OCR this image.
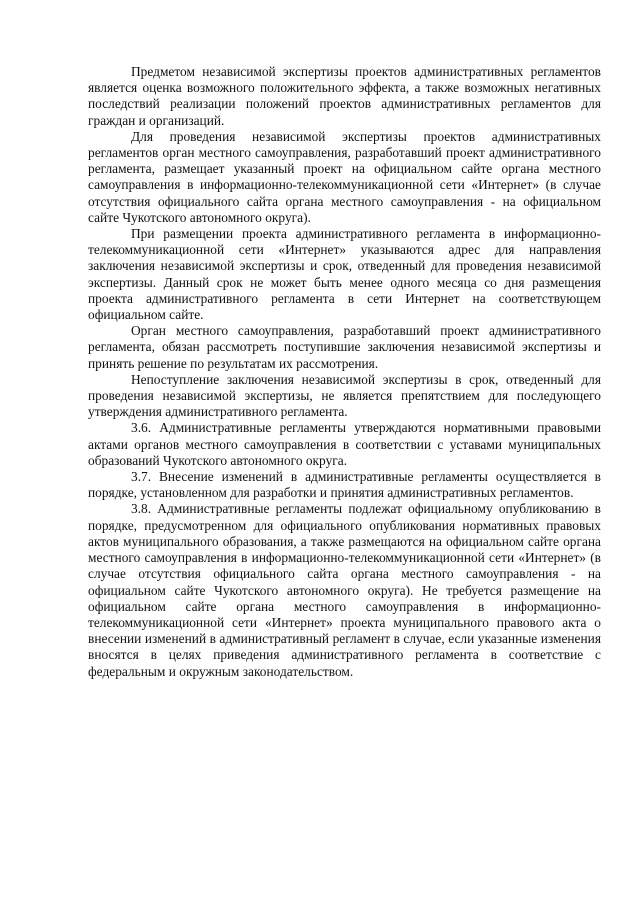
Предметом независимой экспертизы проектов административных регламентов является оценка возможного положительного эффекта, а также возможных негативных последствий реализации положений проектов административных регламентов для граждан и организаций.

Для проведения независимой экспертизы проектов административных регламентов орган местного самоуправления, разработавший проект административного регламента, размещает указанный проект на официальном сайте органа местного самоуправления в информационно-телекоммуникационной сети «Интернет» (в случае отсутствия официального сайта органа местного самоуправления - на официальном сайте Чукотского автономного округа).

При размещении проекта административного регламента в информационно-телекоммуникационной сети «Интернет» указываются адрес для направления заключения независимой экспертизы и срок, отведенный для проведения независимой экспертизы. Данный срок не может быть менее одного месяца со дня размещения проекта административного регламента в сети Интернет на соответствующем официальном сайте.

Орган местного самоуправления, разработавший проект административного регламента, обязан рассмотреть поступившие заключения независимой экспертизы и принять решение по результатам их рассмотрения.

Непоступление заключения независимой экспертизы в срок, отведенный для проведения независимой экспертизы, не является препятствием для последующего утверждения административного регламента.

3.6. Административные регламенты утверждаются нормативными правовыми актами органов местного самоуправления в соответствии с уставами муниципальных образований Чукотского автономного округа.

3.7. Внесение изменений в административные регламенты осуществляется в порядке, установленном для разработки и принятия административных регламентов.

3.8. Административные регламенты подлежат официальному опубликованию в порядке, предусмотренном для официального опубликования нормативных правовых актов муниципального образования, а также размещаются на официальном сайте органа местного самоуправления в информационно-телекоммуникационной сети «Интернет» (в случае отсутствия официального сайта органа местного самоуправления - на официальном сайте Чукотского автономного округа). Не требуется размещение на официальном сайте органа местного самоуправления в информационно-телекоммуникационной сети «Интернет» проекта муниципального правового акта о внесении изменений в административный регламент в случае, если указанные изменения вносятся в целях приведения административного регламента в соответствие с федеральным и окружным законодательством.
